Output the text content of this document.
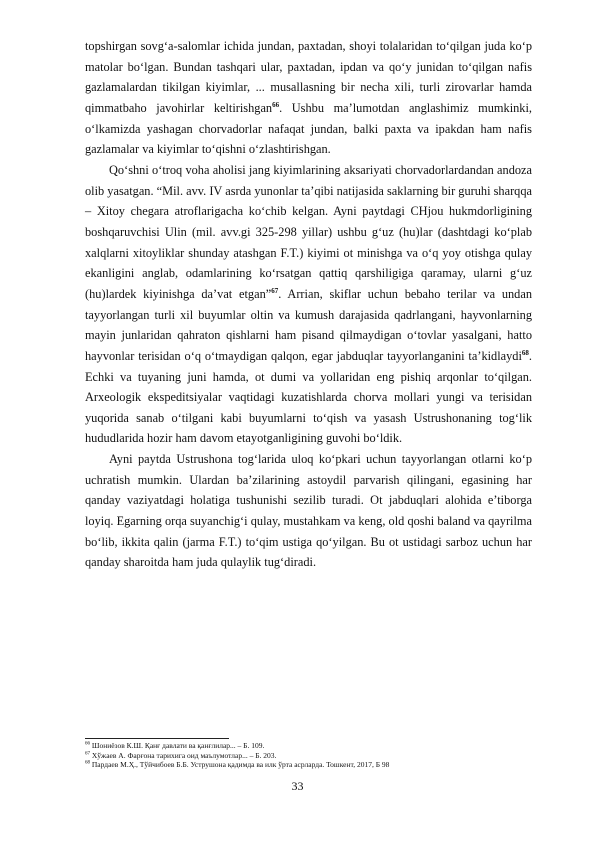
topshirgan sovg‘a-salomlar ichida jundan, paxtadan, shoyi tolalaridan to‘qilgan juda ko‘p matolar bo‘lgan. Bundan tashqari ular, paxtadan, ipdan va qo‘y junidan to‘qilgan nafis gazlamalardan tikilgan kiyimlar, ... musallasning bir necha xili, turli zirovarlar hamda qimmatbaho javohirlar keltirishgan$^{66}$. Ushbu ma’lumotdan anglashimiz mumkinki, o‘lkamizda yashagan chorvadorlar nafaqat jundan, balki paxta va ipakdan ham nafis gazlamalar va kiyimlar to‘qishni o‘zlashtirishgan.

Qo‘shni o‘troq voha aholisi jang kiyimlarining aksariyati chorvadorlardandan andoza olib yasatgan. “Mil. avv. IV asrda yunonlar ta’qibi natijasida saklarning bir guruhi sharqqa – Xitoy chegara atroflarigacha ko‘chib kelgan. Ayni paytdagi CHjou hukmdorligining boshqaruvchisi Ulin (mil. avv.gi 325-298 yillar) ushbu g‘uz (hu)lar (dashtdagi ko‘plab xalqlarni xitoyliklar shunday atashgan F.T.) kiyimi ot minishga va o‘q yoy otishga qulay ekanligini anglab, odamlarining ko‘rsatgan qattiq qarshiligiga qaramay, ularni g‘uz (hu)lardek kiyinishga da’vat etgan”$^{67}$. Arrian, skiflar uchun bebaho terilar va undan tayyorlangan turli xil buyumlar oltin va kumush darajasida qadrlangani, hayvonlarning mayin junlaridan qahraton qishlarni ham pisand qilmaydigan o‘tovlar yasalgani, hatto hayvonlar terisidan o‘q o‘tmaydigan qalqon, egar jabduqlar tayyorlanganini ta’kidlaydi$^{68}$. Echki va tuyaning juni hamda, ot dumi va yollaridan eng pishiq arqonlar to‘qilgan. Arxeologik ekspeditsiyalar vaqtidagi kuzatishlarda chorva mollari yungi va terisidan yuqorida sanab o‘tilgani kabi buyumlarni to‘qish va yasash Ustrushonaning tog‘lik hududlarida hozir ham davom etayotganligining guvohi bo‘ldik.

Ayni paytda Ustrushona tog‘larida uloq ko‘pkari uchun tayyorlangan otlarni ko‘p uchratish mumkin. Ulardan ba’zilarining astoydil parvarish qilingani, egasining har qanday vaziyatdagi holatiga tushunishi sezilib turadi. Ot jabduqlari alohida e’tiborga loyiq. Egarning orqa suyanchig‘i qulay, mustahkam va keng, old qoshi baland va qayrilma bo‘lib, ikkita qalin (jarma F.T.) to‘qim ustiga qo‘yilgan. Bu ot ustidagi sarboz uchun har qanday sharoitda ham juda qulaylik tug‘diradi.

$^{66}$ Шониёзов К.Ш. Қанғ давлати ва қанғлилар... – Б. 109.
$^{67}$ Хўжаев А. Фарғона тарихига оид маълумотлар... – Б. 203.
$^{68}$ Пардаев М.Ҳ., Тўйчибоев Б.Б. Уструшона қадимда ва илк ўрта асрларда. Тошкент, 2017, Б 98
33
